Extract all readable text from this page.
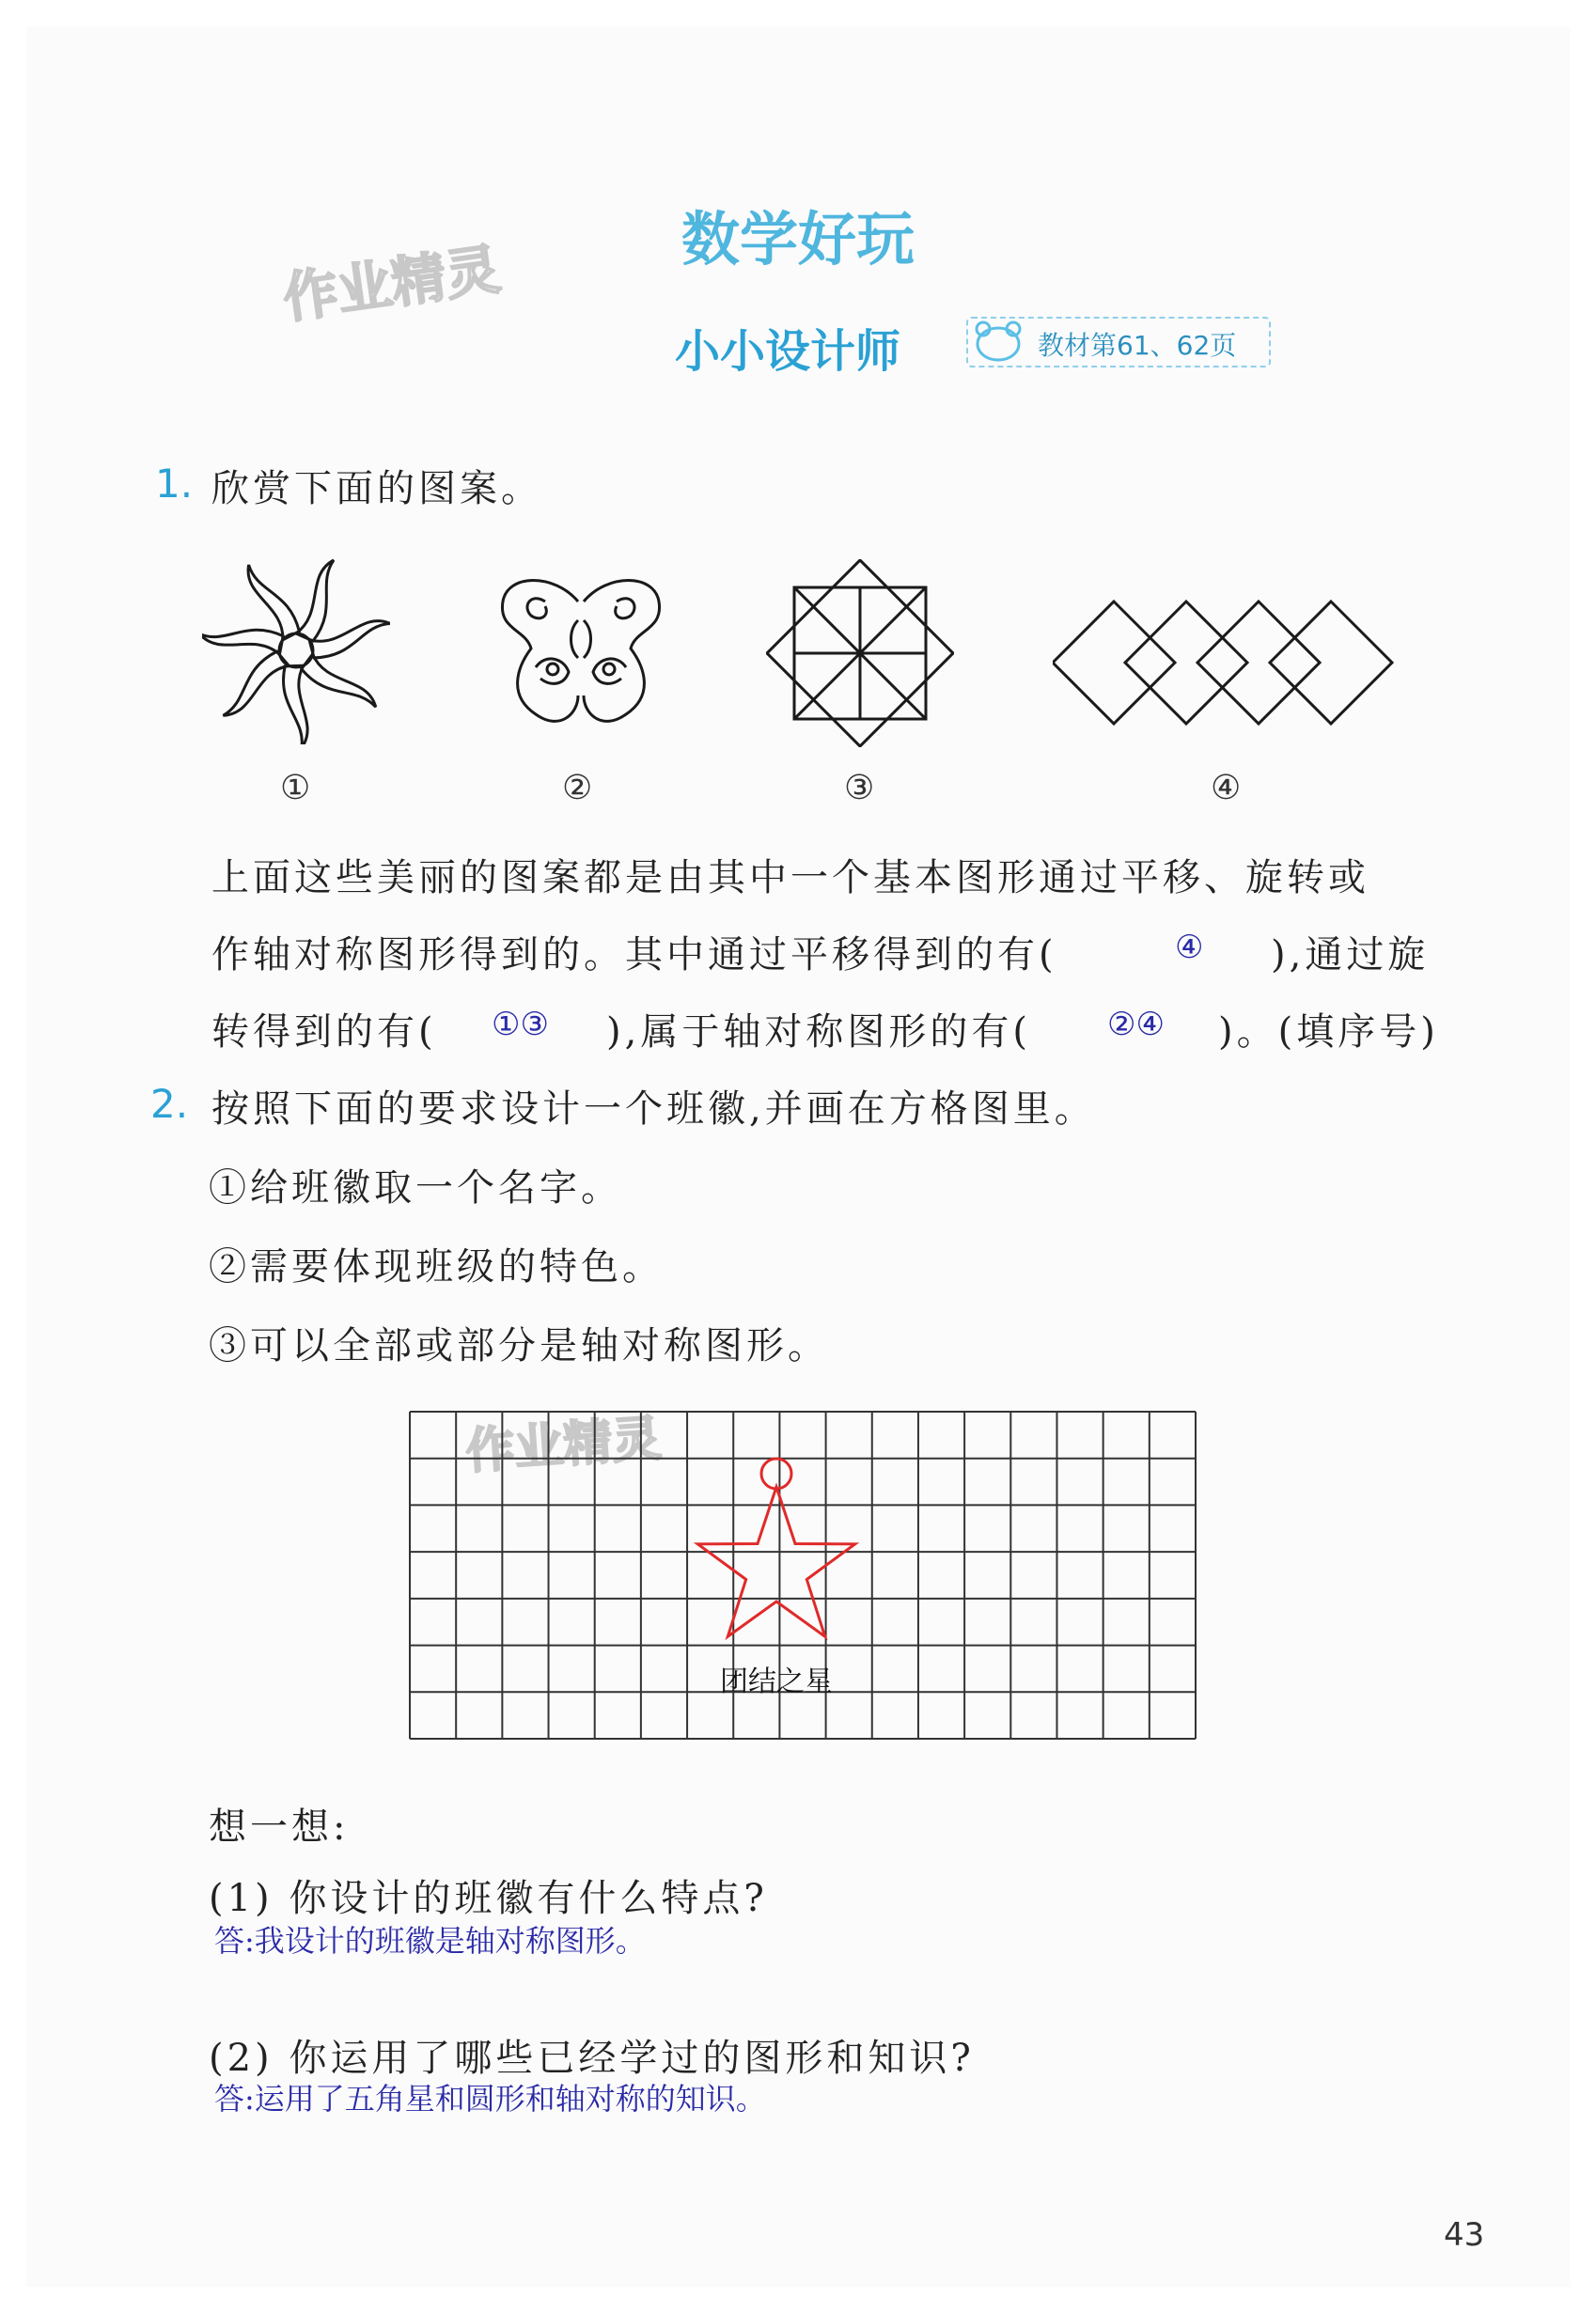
作业精灵
作业精灵
数学好玩
小小设计师	教材第61、62页
1. 欣赏下面的图案。
①	②	③	④
上面这些美丽的图案都是由其中一个基本图形通过平移、旋转或
作轴对称图形得到的。其中通过平移得到的有(	④ ),通过旋
转得到的有( ①③ ),属于轴对称图形的有( ②④ )。(填序号)
2. 按照下面的要求设计一个班徽,并画在方格图里。
①给班徽取一个名字。
②需要体现班级的特色。
③可以全部或部分是轴对称图形。
团结之星
想一想:
(1) 你设计的班徽有什么特点?
答:我设计的班徽是轴对称图形。
(2) 你运用了哪些已经学过的图形和知识?
答:运用了五角星和圆形和轴对称的知识。
43
